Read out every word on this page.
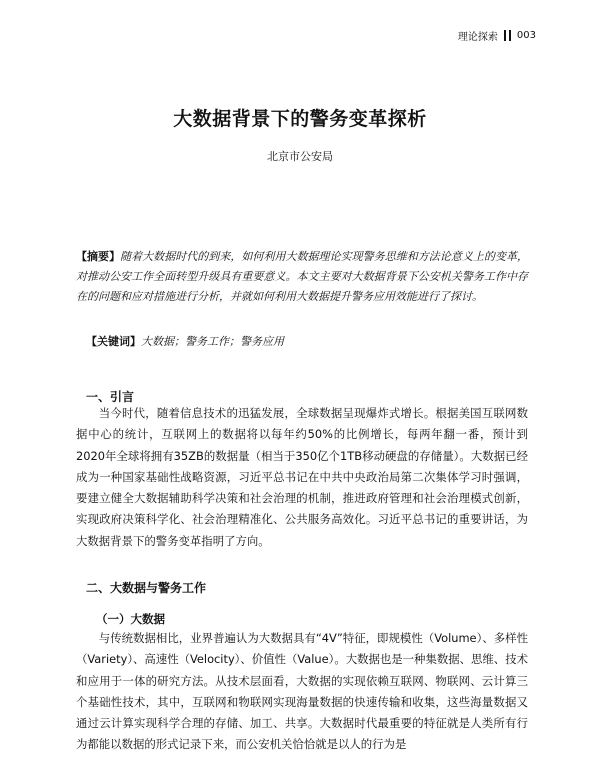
理论探索 003
大数据背景下的警务变革探析
北京市公安局
【摘要】随着大数据时代的到来，如何利用大数据理论实现警务思维和方法论意义上的变革，对推动公安工作全面转型升级具有重要意义。本文主要对大数据背景下公安机关警务工作中存在的问题和应对措施进行分析，并就如何利用大数据提升警务应用效能进行了探讨。
【关键词】大数据；警务工作；警务应用
一、引言
当今时代，随着信息技术的迅猛发展，全球数据呈现爆炸式增长。根据美国互联网数据中心的统计，互联网上的数据将以每年约50%的比例增长，每两年翻一番，预计到2020年全球将拥有35ZB的数据量（相当于350亿个1TB移动硬盘的存储量）。大数据已经成为一种国家基础性战略资源，习近平总书记在中共中央政治局第二次集体学习时强调，要建立健全大数据辅助科学决策和社会治理的机制，推进政府管理和社会治理模式创新，实现政府决策科学化、社会治理精准化、公共服务高效化。习近平总书记的重要讲话，为大数据背景下的警务变革指明了方向。
二、大数据与警务工作
（一）大数据
与传统数据相比，业界普遍认为大数据具有“4V”特征，即规模性（Volume）、多样性（Variety）、高速性（Velocity）、价值性（Value）。大数据也是一种集数据、思维、技术和应用于一体的研究方法。从技术层面看，大数据的实现依赖互联网、物联网、云计算三个基础性技术，其中，互联网和物联网实现海量数据的快速传输和收集，这些海量数据又通过云计算实现科学合理的存储、加工、共享。大数据时代最重要的特征就是人类所有行为都能以数据的形式记录下来，而公安机关恰恰就是以人的行为是
